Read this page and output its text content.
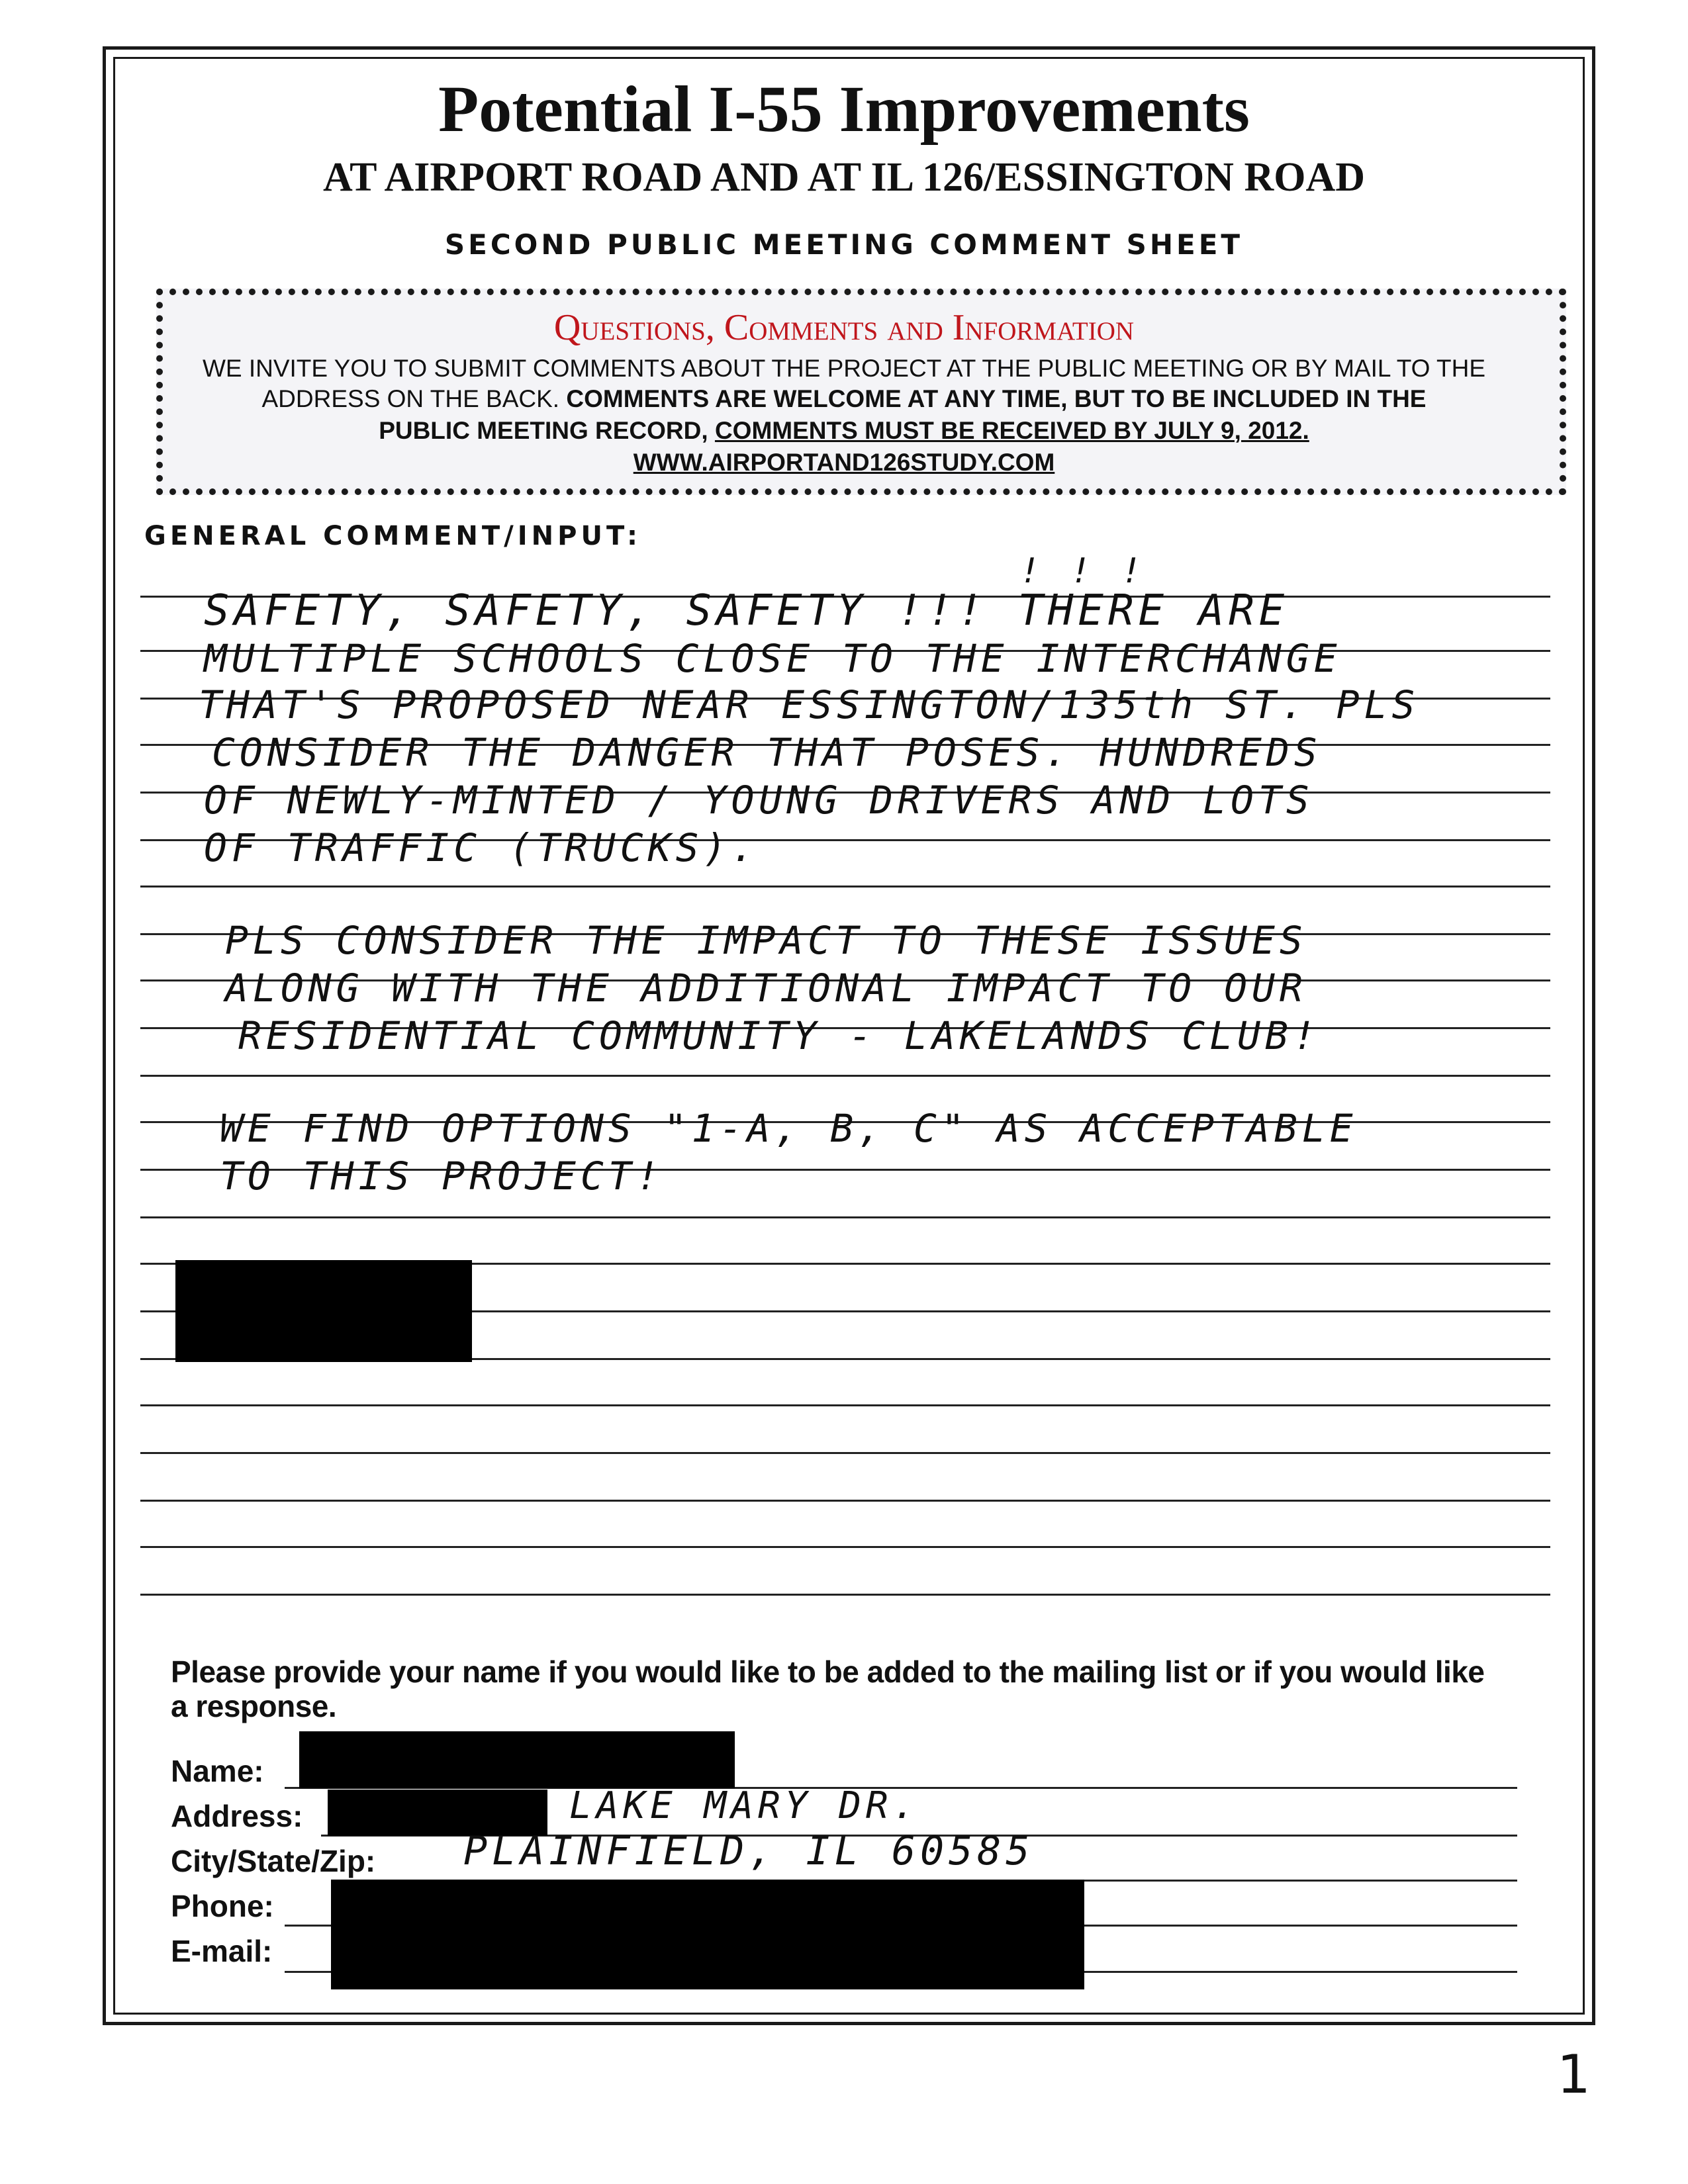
Potential I-55 Improvements
AT AIRPORT ROAD AND AT IL 126/ESSINGTON ROAD
SECOND PUBLIC MEETING COMMENT SHEET
Questions, Comments and Information
WE INVITE YOU TO SUBMIT COMMENTS ABOUT THE PROJECT AT THE PUBLIC MEETING OR BY MAIL TO THE
ADDRESS ON THE BACK. COMMENTS ARE WELCOME AT ANY TIME, BUT TO BE INCLUDED IN THE
PUBLIC MEETING RECORD, COMMENTS MUST BE RECEIVED BY JULY 9, 2012.
WWW.AIRPORTAND126STUDY.COM
GENERAL COMMENT/INPUT:
! ! !
SAFETY, SAFETY, SAFETY !!! THERE ARE
MULTIPLE SCHOOLS CLOSE TO THE INTERCHANGE
THAT'S PROPOSED NEAR ESSINGTON/135th ST. PLS
CONSIDER THE DANGER THAT POSES. HUNDREDS
OF NEWLY-MINTED / YOUNG DRIVERS AND LOTS
OF TRAFFIC (TRUCKS).
PLS CONSIDER THE IMPACT TO THESE ISSUES
ALONG WITH THE ADDITIONAL IMPACT TO OUR
RESIDENTIAL COMMUNITY - LAKELANDS CLUB!
WE FIND OPTIONS "1-A, B, C" AS ACCEPTABLE
TO THIS PROJECT!
Please provide your name if you would like to be added to the mailing list or if you would like a response.
Name:
Address:	LAKE MARY DR.
City/State/Zip: PLAINFIELD, IL 60585
Phone:
E-mail:
1
